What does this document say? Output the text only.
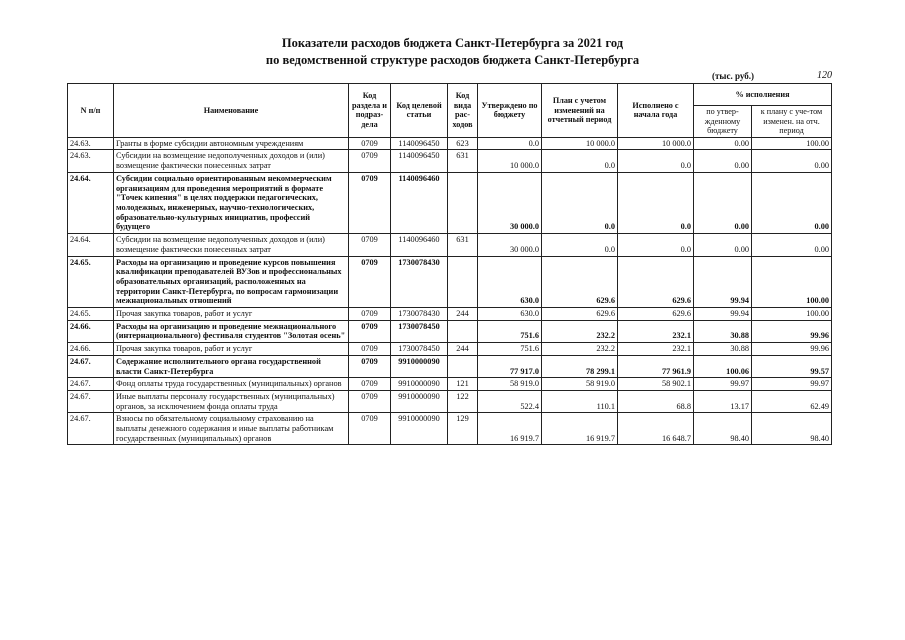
Показатели расходов бюджета Санкт-Петербурга за 2021 год
по ведомственной структуре расходов бюджета Санкт-Петербурга
(тыс. руб.)	120
N п/п	Наименование	Код раздела и подраз-дела	Код целевой статьи	Код вида рас-ходов	Утверждено по бюджету	План с учетом изменений на отчетный период	Исполнено с начала года	% исполнения	
								по утвер-жденному бюджету	к плану с уче-том изменен. на отч. период
24.63.	Гранты в форме субсидии автономным учреждениям	0709	1140096450	623	0.0	10 000.0	10 000.0	0.00	100.00
24.63.	Субсидии на возмещение недополученных доходов и (или) возмещение фактически понесенных затрат	0709	1140096450	631	10 000.0	0.0	0.0	0.00	0.00
24.64.	Субсидии социально ориентированным некоммерческим организациям для проведения мероприятий в формате "Точек кипения" в целях поддержки педагогических, молодежных, инженерных, научно-технологических, образовательно-культурных инициатив, профессий будущего	0709	1140096460		30 000.0	0.0	0.0	0.00	0.00
24.64.	Субсидии на возмещение недополученных доходов и (или) возмещение фактически понесенных затрат	0709	1140096460	631	30 000.0	0.0	0.0	0.00	0.00
24.65.	Расходы на организацию и проведение курсов повышения квалификации преподавателей ВУЗов и профессиональных образовательных организаций, расположенных на территории Санкт-Петербурга, по вопросам гармонизации межнациональных отношений	0709	1730078430		630.0	629.6	629.6	99.94	100.00
24.65.	Прочая закупка товаров, работ и услуг	0709	1730078430	244	630.0	629.6	629.6	99.94	100.00
24.66.	Расходы на организацию и проведение межнационального (интернационального) фестиваля студентов "Золотая осень"	0709	1730078450		751.6	232.2	232.1	30.88	99.96
24.66.	Прочая закупка товаров, работ и услуг	0709	1730078450	244	751.6	232.2	232.1	30.88	99.96
24.67.	Содержание исполнительного органа государственной власти Санкт-Петербурга	0709	9910000090		77 917.0	78 299.1	77 961.9	100.06	99.57
24.67.	Фонд оплаты труда государственных (муниципальных) органов	0709	9910000090	121	58 919.0	58 919.0	58 902.1	99.97	99.97
24.67.	Иные выплаты персоналу государственных (муниципальных) органов, за исключением фонда оплаты труда	0709	9910000090	122	522.4	110.1	68.8	13.17	62.49
24.67.	Взносы по обязательному социальному страхованию на выплаты денежного содержания и иные выплаты работникам государственных (муниципальных) органов	0709	9910000090	129	16 919.7	16 919.7	16 648.7	98.40	98.40
